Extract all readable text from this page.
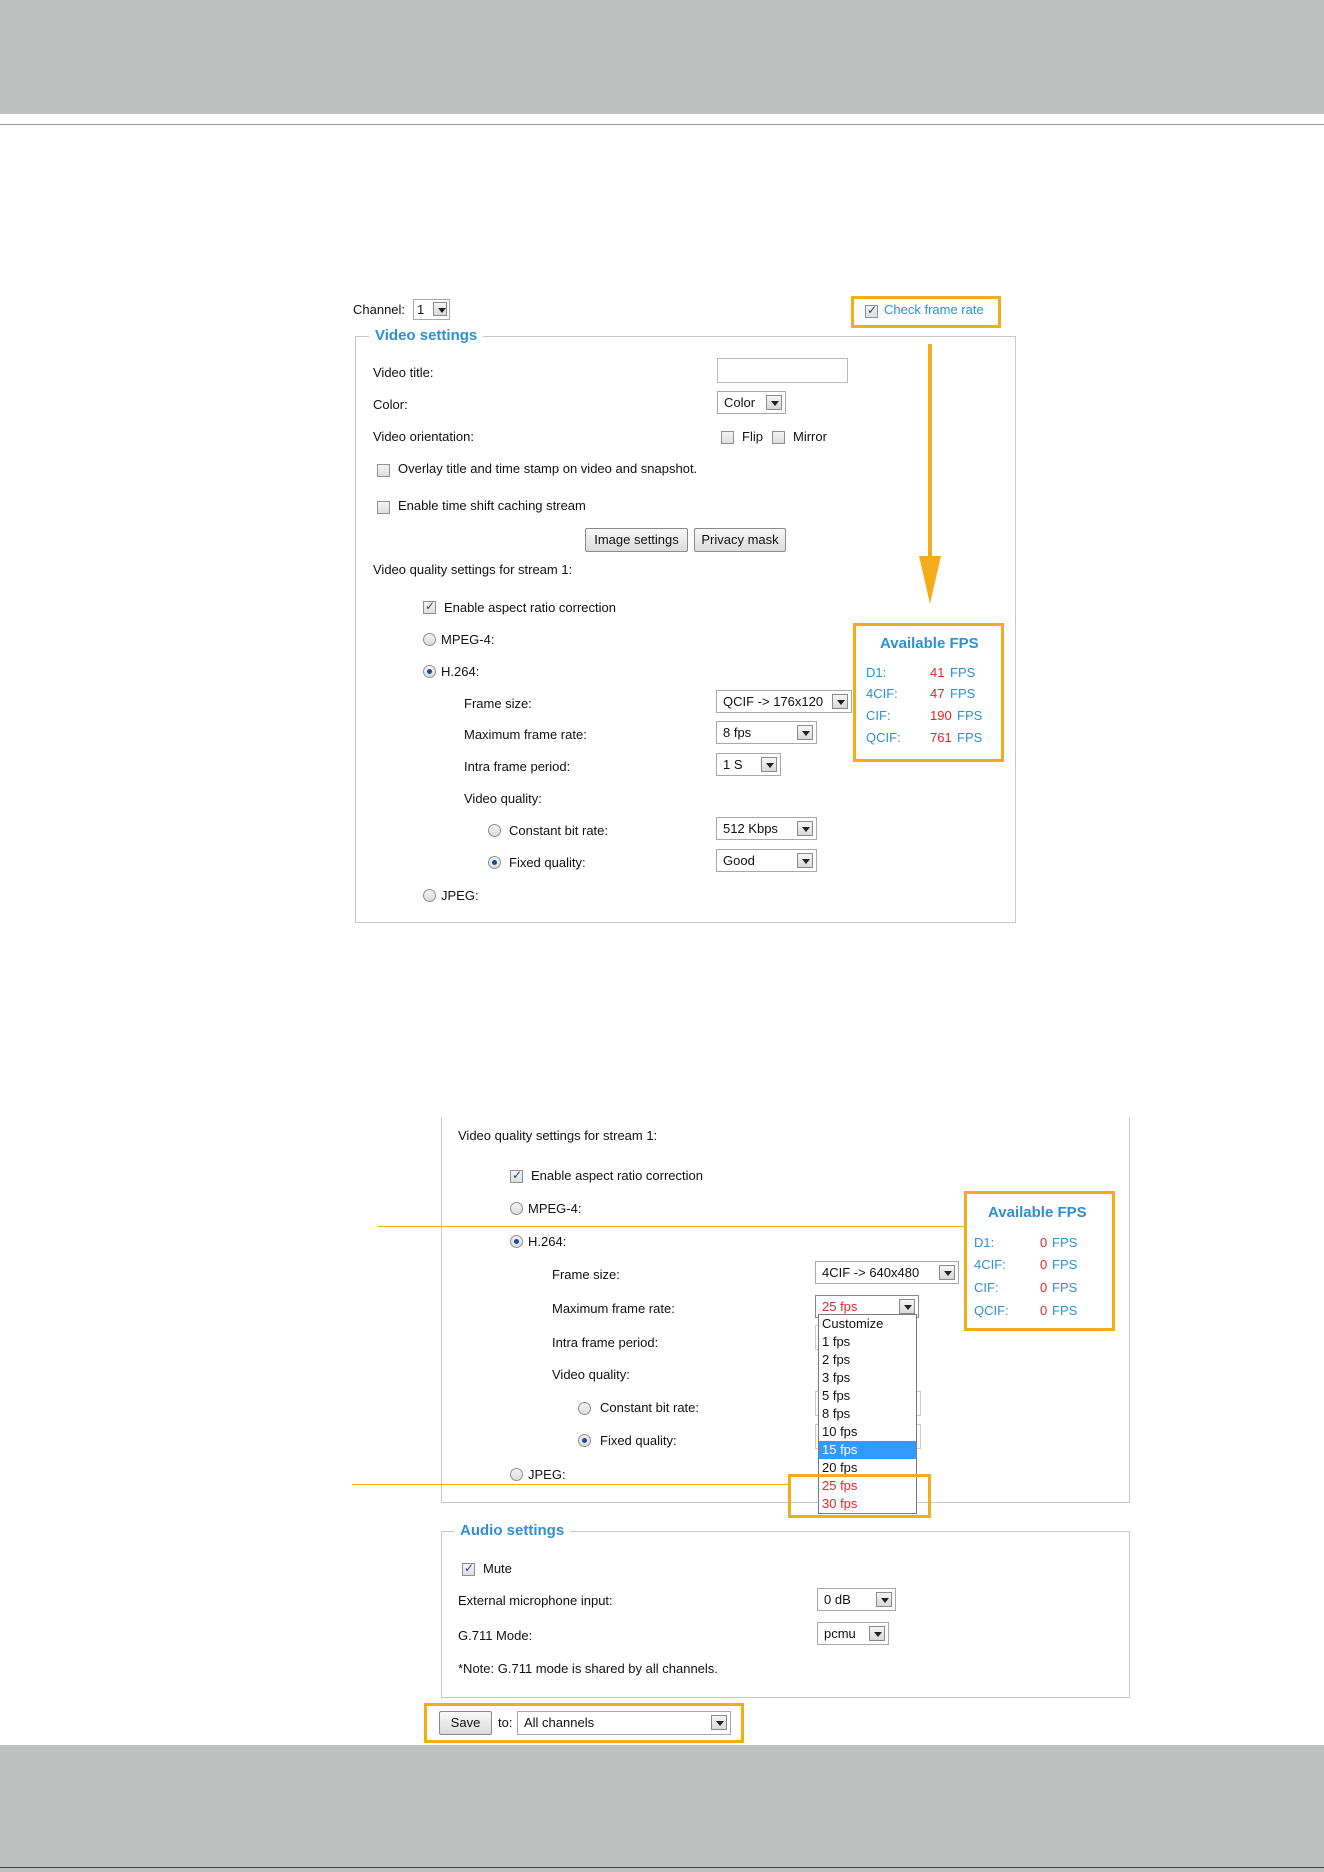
Channel: 1
✓	Check frame rate
Video settings
Video title:
Color:	Color
Video orientation:	Flip Mirror
Overlay title and time stamp on video and snapshot.
Enable time shift caching stream
Image settings	Privacy mask
Video quality settings for stream 1:
✓
Enable aspect ratio correction
MPEG-4:
H.264:
Frame size:	QCIF -> 176x120
Maximum frame rate:	8 fps
Intra frame period:	1 S
Video quality:
Constant bit rate:	512 Kbps
Fixed quality:	Good
JPEG:
Available FPS
D1:	41 FPS
4CIF: 47 FPS
CIF:	190 FPS
QCIF: 761 FPS
Video quality settings for stream 1:
✓
Enable aspect ratio correction
MPEG-4:
H.264:
Frame size:	4CIF -> 640x480
Maximum frame rate:	25 fps
Intra frame period:
Video quality:
Constant bit rate:
Fixed quality:
JPEG:
Customize
1 fps
2 fps
3 fps
5 fps
8 fps
10 fps
15 fps
20 fps
25 fps
30 fps
Available FPS
D1:	0 FPS
4CIF:	0 FPS
CIF:	0 FPS
QCIF: 0 FPS
Audio settings
✓
Mute
External microphone input:	0 dB
G.711 Mode:	pcmu
*Note: G.711 mode is shared by all channels.
Save	to: All channels
